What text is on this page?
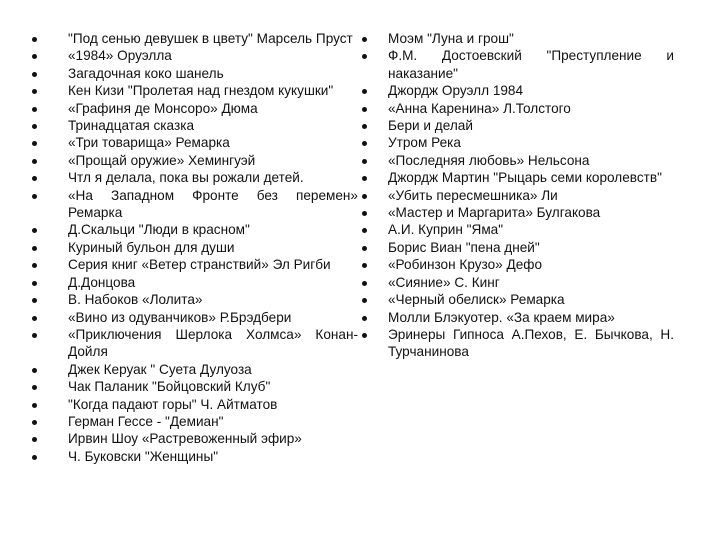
"Под сенью девушек в цвету" Марсель Пруст
«1984» Оруэлла
Загадочная коко шанель
Кен Кизи "Пролетая над гнездом кукушки"
«Графиня де Монсоро» Дюма
Тринадцатая сказка
«Три товарища» Ремарка
«Прощай оружие» Хемингуэй
Чтл я делала, пока вы рожали детей.
«На Западном Фронте без перемен» Ремарка
Д.Скальци "Люди в красном"
Куриный бульон для души
Серия книг «Ветер странствий» Эл Ригби
Д.Донцова
В. Набоков «Лолита»
«Вино из одуванчиков» Р.Брэдбери
«Приключения Шерлока Холмса» Конан-Дойля
Джек Керуак " Суета Дулуоза
Чак Паланик "Бойцовский Клуб"
"Когда падают горы" Ч. Айтматов
Герман Гессе - "Демиан"
Ирвин Шоу «Растревоженный эфир»
Ч. Буковски "Женщины"
Моэм "Луна и грош"
Ф.М. Достоевский "Преступление и наказание"
Джордж Оруэлл 1984
«Анна Каренина» Л.Толстого
Бери и делай
Утром Река
«Последняя любовь» Нельсона
Джордж Мартин "Рыцарь семи королевств"
«Убить пересмешника» Ли
«Мастер и Маргарита» Булгакова
А.И. Куприн "Яма"
Борис Виан "пена дней"
«Робинзон Крузо» Дефо
«Сияние» С. Кинг
«Черный обелиск» Ремарка
Молли Блэкуотер. «За краем мира»
Эринеры Гипноса А.Пехов, Е. Бычкова, Н. Турчанинова
